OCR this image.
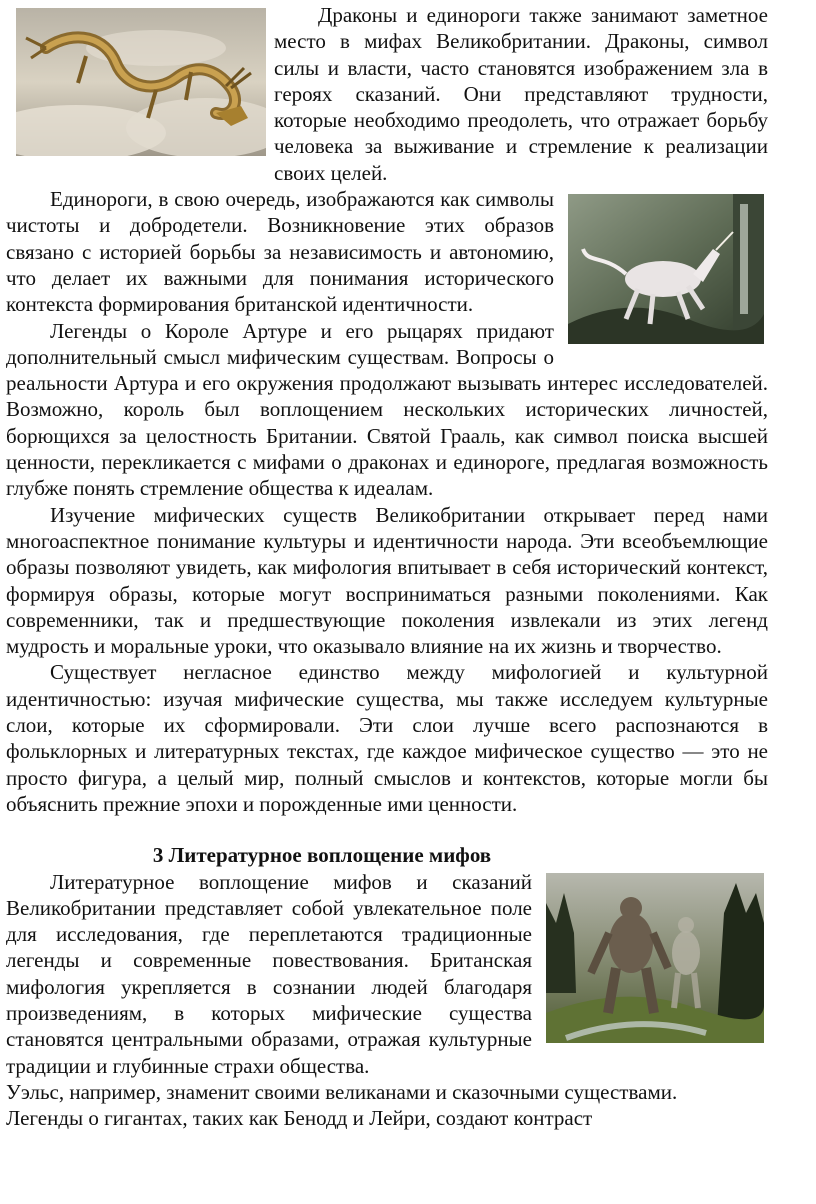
Драконы и единороги также занимают заметное место в мифах Великобритании. Драконы, символ силы и власти, часто становятся изображением зла в героях сказаний. Они представляют трудности, которые необходимо преодолеть, что отражает борьбу человека за выживание и стремление к реализации своих целей.

Единороги, в свою очередь, изображаются как символы чистоты и добродетели. Возникновение этих образов связано с историей борьбы за независимость и автономию, что делает их важными для понимания исторического контекста формирования британской идентичности.

Легенды о Короле Артуре и его рыцарях придают дополнительный смысл мифическим существам. Вопросы о реальности Артура и его окружения продолжают вызывать интерес исследователей. Возможно, король был воплощением нескольких исторических личностей, борющихся за целостность Британии. Святой Грааль, как символ поиска высшей ценности, перекликается с мифами о драконах и единороге, предлагая возможность глубже понять стремление общества к идеалам.

Изучение мифических существ Великобритании открывает перед нами многоаспектное понимание культуры и идентичности народа. Эти всеобъемлющие образы позволяют увидеть, как мифология впитывает в себя исторический контекст, формируя образы, которые могут восприниматься разными поколениями. Как современники, так и предшествующие поколения извлекали из этих легенд мудрость и моральные уроки, что оказывало влияние на их жизнь и творчество.

Существует негласное единство между мифологией и культурной идентичностью: изучая мифические существа, мы также исследуем культурные слои, которые их сформировали. Эти слои лучше всего распознаются в фольклорных и литературных текстах, где каждое мифическое существо — это не просто фигура, а целый мир, полный смыслов и контекстов, которые могли бы объяснить прежние эпохи и порожденные ими ценности.

3 Литературное воплощение мифов

Литературное воплощение мифов и сказаний Великобритании представляет собой увлекательное поле для исследования, где переплетаются традиционные легенды и современные повествования. Британская мифология укрепляется в сознании людей благодаря произведениям, в которых мифические существа становятся центральными образами, отражая культурные традиции и глубинные страхи общества.

Уэльс, например, знаменит своими великанами и сказочными существами.

Легенды о гигантах, таких как Бенодд и Лейри, создают контраст
